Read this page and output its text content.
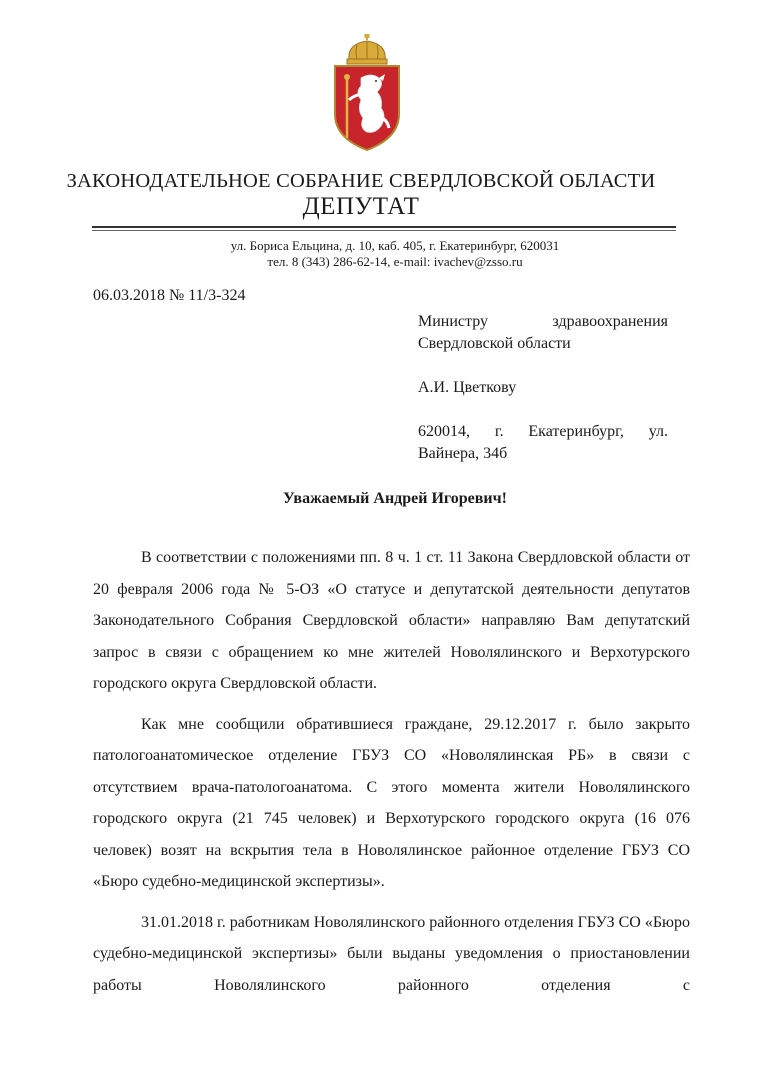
ЗАКОНОДАТЕЛЬНОЕ СОБРАНИЕ СВЕРДЛОВСКОЙ ОБЛАСТИ
ДЕПУТАТ
ул. Бориса Ельцина, д. 10, каб. 405, г. Екатеринбург, 620031
тел. 8 (343) 286-62-14, e-mail: ivachev@zsso.ru
06.03.2018 № 11/3-324
Министру здравоохранения
Свердловской области
А.И. Цветкову
620014, г. Екатеринбург, ул.
Вайнера, 34б
Уважаемый Андрей Игоревич!

В соответствии с положениями пп. 8 ч. 1 ст. 11 Закона Свердловской области от 20 февраля 2006 года № 5-ОЗ «О статусе и депутатской деятельности депутатов Законодательного Собрания Свердловской области» направляю Вам депутатский запрос в связи с обращением ко мне жителей Новолялинского и Верхотурского городского округа Свердловской области.

Как мне сообщили обратившиеся граждане, 29.12.2017 г. было закрыто патологоанатомическое отделение ГБУЗ СО «Новолялинская РБ» в связи с отсутствием врача-патологоанатома. С этого момента жители Новолялинского городского округа (21 745 человек) и Верхотурского городского округа (16 076 человек) возят на вскрытия тела в Новолялинское районное отделение ГБУЗ СО «Бюро судебно-медицинской экспертизы».

31.01.2018 г. работникам Новолялинского районного отделения ГБУЗ СО «Бюро судебно-медицинской экспертизы» были выданы уведомления о приостановлении работы Новолялинского районного отделения с
